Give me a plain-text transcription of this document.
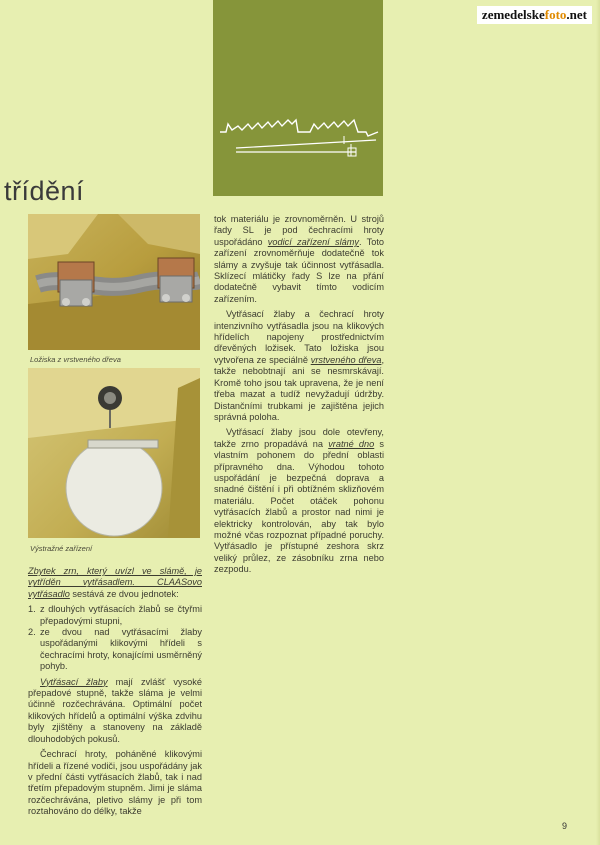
zemedelskefoto.net
třídění
Ložiska z vrstveného dřeva
Výstražné zařízení

Zbytek zrn, který uvízl ve slámě, je vytříděn vytřásadlem. CLAASovo vytřásadlo sestává ze dvou jednotek:

1. z dlouhých vytřásacích žlabů se čtyřmi přepadovými stupni,
2. ze dvou nad vytřásacími žlaby uspořádanými klikovými hřídeli s čechracími hroty, konajícími usměrněný pohyb.

Vytřásací žlaby mají zvlášť vysoké přepadové stupně, takže sláma je velmi účinně rozčechrávána. Optimální počet klikových hřídelů a optimální výška zdvihu byly zjištěny a stanoveny na základě dlouhodobých pokusů.

Čechrací hroty, poháněné klikovými hřídeli a řízené vodiči, jsou uspořádány jak v přední části vytřásacích žlabů, tak i nad třetím přepadovým stupněm. Jimi je sláma rozčechrávána, pletivo slámy je při tom roztahováno do délky, takže

tok materiálu je zrovnoměrněn. U strojů řady SL je pod čechracími hroty uspořádáno vodicí zařízení slámy. Toto zařízení zrovnoměrňuje dodatečně tok slámy a zvyšuje tak účinnost vytřásadla. Sklízecí mlátičky řady S lze na přání dodatečně vybavit tímto vodicím zařízením.

Vytřásací žlaby a čechrací hroty intenzivního vytřásadla jsou na klikových hřídelích napojeny prostřednictvím dřevěných ložisek. Tato ložiska jsou vytvořena ze speciálně vrstveného dřeva, takže nebobtnají ani se nesmrskávají. Kromě toho jsou tak upravena, že je není třeba mazat a tudíž nevyžadují údržby. Distančními trubkami je zajištěna jejich správná poloha.

Vytřásací žlaby jsou dole otevřeny, takže zrno propadává na vratné dno s vlastním pohonem do přední oblasti přípravného dna. Výhodou tohoto uspořádání je bezpečná doprava a snadné čištění i při obtížném sklizňovém materiálu. Počet otáček pohonu vytřásacích žlabů a prostor nad nimi je elektricky kontrolován, aby tak bylo možné včas rozpoznat případné poruchy. Vytřásadlo je přístupné zeshora skrz veliký průlez, ze zásobníku zrna nebo zezpodu.

9
